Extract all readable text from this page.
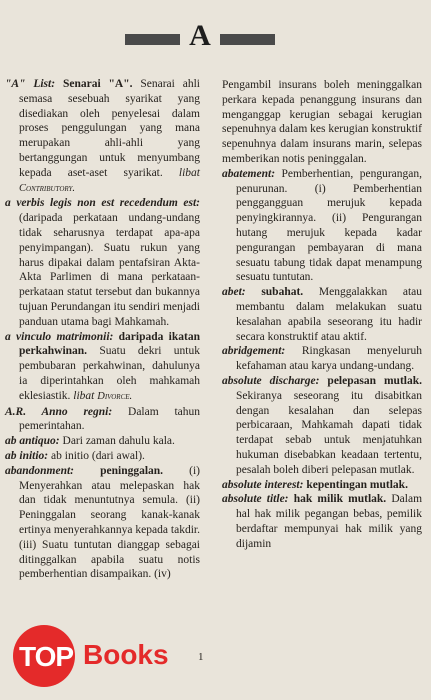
A
"A" List: Senarai "A". Senarai ahli semasa sesebuah syarikat yang disediakan oleh penyelesai dalam proses penggulungan yang mana merupakan ahli-ahli yang bertanggungan untuk menyumbang kepada aset-aset syarikat. libat Contributory.
a verbis legis non est recedendum est: (daripada perkataan undang-undang tidak seharusnya terdapat apa-apa penyimpangan). Suatu rukun yang harus dipakai dalam pentafsiran Akta-Akta Parlimen di mana perkataan-perkataan statut tersebut dan bukannya tujuan Perundangan itu sendiri menjadi panduan utama bagi Mahkamah.
a vinculo matrimonii: daripada ikatan perkahwinan. Suatu dekri untuk pembubaran perkahwinan, dahulunya ia diperintahkan oleh mahkamah eklesiastik. libat Divorce.
A.R. Anno regni: Dalam tahun pemerintahan.
ab antiquo: Dari zaman dahulu kala.
ab initio: ab initio (dari awal).
abandonment: peninggalan. (i) Menyerahkan atau melepaskan hak dan tidak menuntutnya semula. (ii) Peninggalan seorang kanak-kanak ertinya menyerahkannya kepada takdir. (iii) Suatu tuntutan dianggap sebagai ditinggalkan apabila suatu notis pemberhentian disampaikan. (iv)
Pengambil insurans boleh meninggalkan perkara kepada penanggung insurans dan menganggap kerugian sebagai kerugian sepenuhnya dalam kes kerugian konstruktif sepenuhnya dalam insurans marin, selepas memberikan notis peninggalan.
abatement: Pemberhentian, pengurangan, penurunan. (i) Pemberhentian penggangguan merujuk kepada penyingkirannya. (ii) Pengurangan hutang merujuk kepada kadar pengurangan pembayaran di mana sesuatu tabung tidak dapat menampung sesuatu tuntutan.
abet: subahat. Menggalakkan atau membantu dalam melakukan suatu kesalahan apabila seseorang itu hadir secara konstruktif atau aktif.
abridgement: Ringkasan menyeluruh kefahaman atau karya undang-undang.
absolute discharge: pelepasan mutlak. Sekiranya seseorang itu disabitkan dengan kesalahan dan selepas perbicaraan, Mahkamah dapati tidak terdapat sebab untuk menjatuhkan hukuman disebabkan keadaan tertentu, pesalah boleh diberi pelepasan mutlak.
absolute interest: kepentingan mutlak.
absolute title: hak milik mutlak. Dalam hal hak milik pegangan bebas, pemilik berdaftar mempunyai hak milik yang dijamin
1
TOP Books
